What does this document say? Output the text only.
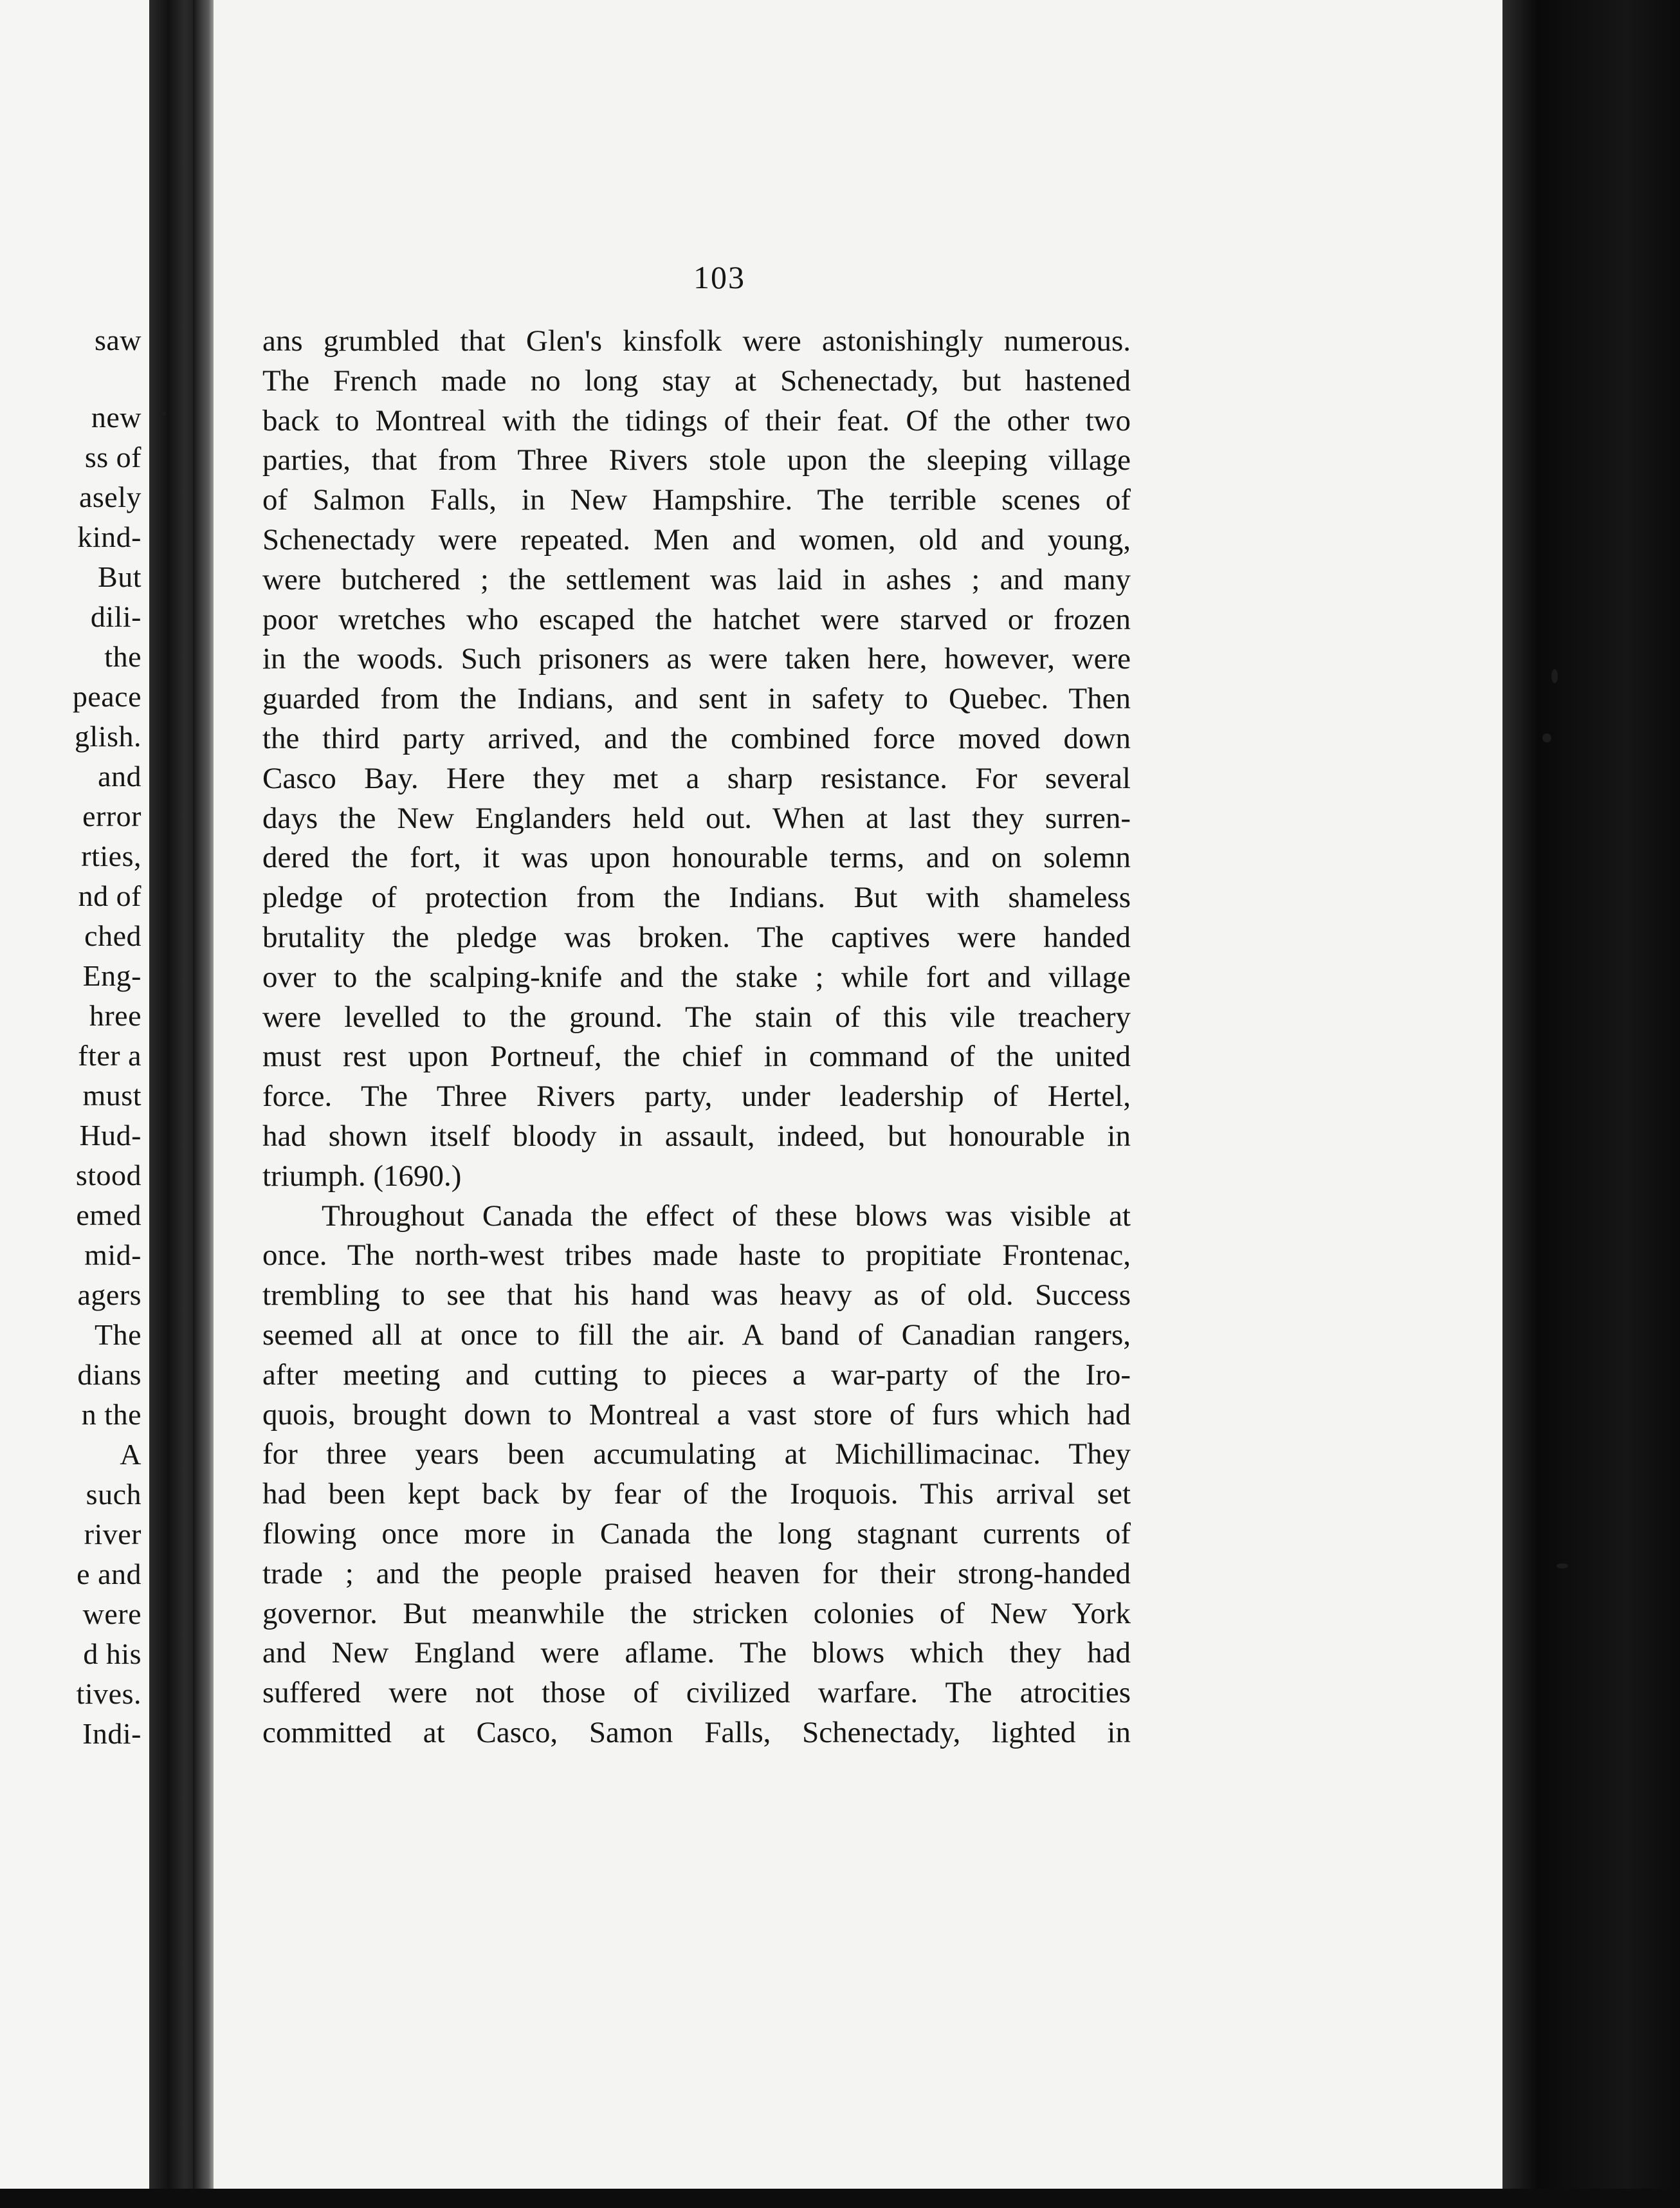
saw
new
ss of
asely
kind-
But
dili-
the
peace
glish.
and
error
rties,
nd of
ched
Eng-
hree
fter a
must
Hud-
stood
emed
mid-
agers
The
dians
n the
A
such
river
e and
were
d his
tives.
Indi-
103
ans grumbled that Glen's kinsfolk were astonishingly numerous.
The French made no long stay at Schenectady, but hastened
back to Montreal with the tidings of their feat. Of the other two
parties, that from Three Rivers stole upon the sleeping village
of Salmon Falls, in New Hampshire. The terrible scenes of
Schenectady were repeated. Men and women, old and young,
were butchered ; the settlement was laid in ashes ; and many
poor wretches who escaped the hatchet were starved or frozen
in the woods. Such prisoners as were taken here, however, were
guarded from the Indians, and sent in safety to Quebec. Then
the third party arrived, and the combined force moved down
Casco Bay. Here they met a sharp resistance. For several
days the New Englanders held out. When at last they surren-
dered the fort, it was upon honourable terms, and on solemn
pledge of protection from the Indians. But with shameless
brutality the pledge was broken. The captives were handed
over to the scalping-knife and the stake ; while fort and village
were levelled to the ground. The stain of this vile treachery
must rest upon Portneuf, the chief in command of the united
force. The Three Rivers party, under leadership of Hertel,
had shown itself bloody in assault, indeed, but honourable in
triumph. (1690.)
Throughout Canada the effect of these blows was visible at
once. The north-west tribes made haste to propitiate Frontenac,
trembling to see that his hand was heavy as of old. Success
seemed all at once to fill the air. A band of Canadian rangers,
after meeting and cutting to pieces a war-party of the Iro-
quois, brought down to Montreal a vast store of furs which had
for three years been accumulating at Michillimacinac. They
had been kept back by fear of the Iroquois. This arrival set
flowing once more in Canada the long stagnant currents of
trade ; and the people praised heaven for their strong-handed
governor. But meanwhile the stricken colonies of New York
and New England were aflame. The blows which they had
suffered were not those of civilized warfare. The atrocities
committed at Casco, Samon Falls, Schenectady, lighted in
